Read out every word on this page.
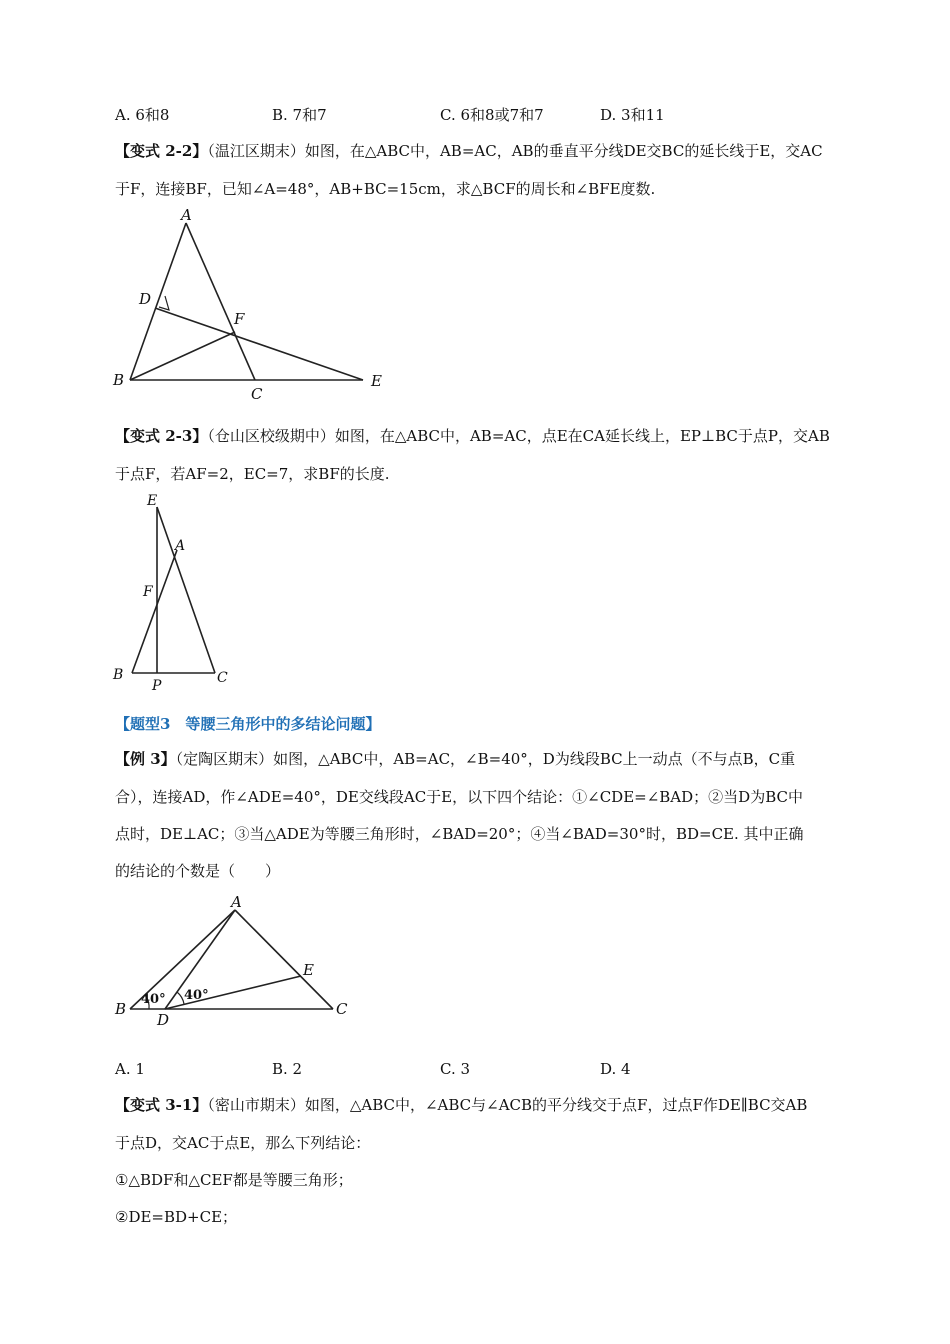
A. 6和8	B. 7和7	C. 6和8或7和7	D. 3和11
【变式 2-2】（温江区期末）如图，在△ABC中，AB=AC，AB的垂直平分线DE交BC的延长线于E，交AC
于F，连接BF，已知∠A=48°，AB+BC=15cm，求△BCF的周长和∠BFE度数.
A
D
F
B
C
E
【变式 2-3】（仓山区校级期中）如图，在△ABC中，AB=AC，点E在CA延长线上，EP⊥BC于点P，交AB
于点F，若AF=2，EC=7，求BF的长度.
E
A
F
B
P	C
【题型3　等腰三角形中的多结论问题】
【例 3】（定陶区期末）如图，△ABC中，AB=AC，∠B=40°，D为线段BC上一动点（不与点B，C重
合），连接AD，作∠ADE=40°，DE交线段AC于E，以下四个结论：①∠CDE=∠BAD；②当D为BC中
点时，DE⊥AC；③当△ADE为等腰三角形时，∠BAD=20°；④当∠BAD=30°时，BD=CE. 其中正确
的结论的个数是（　　）
A
E
B
D
C
40° 40°
A. 1	B. 2	C. 3	D. 4
【变式 3-1】（密山市期末）如图，△ABC中，∠ABC与∠ACB的平分线交于点F，过点F作DE∥BC交AB
于点D，交AC于点E，那么下列结论：
①△BDF和△CEF都是等腰三角形；
②DE=BD+CE；
